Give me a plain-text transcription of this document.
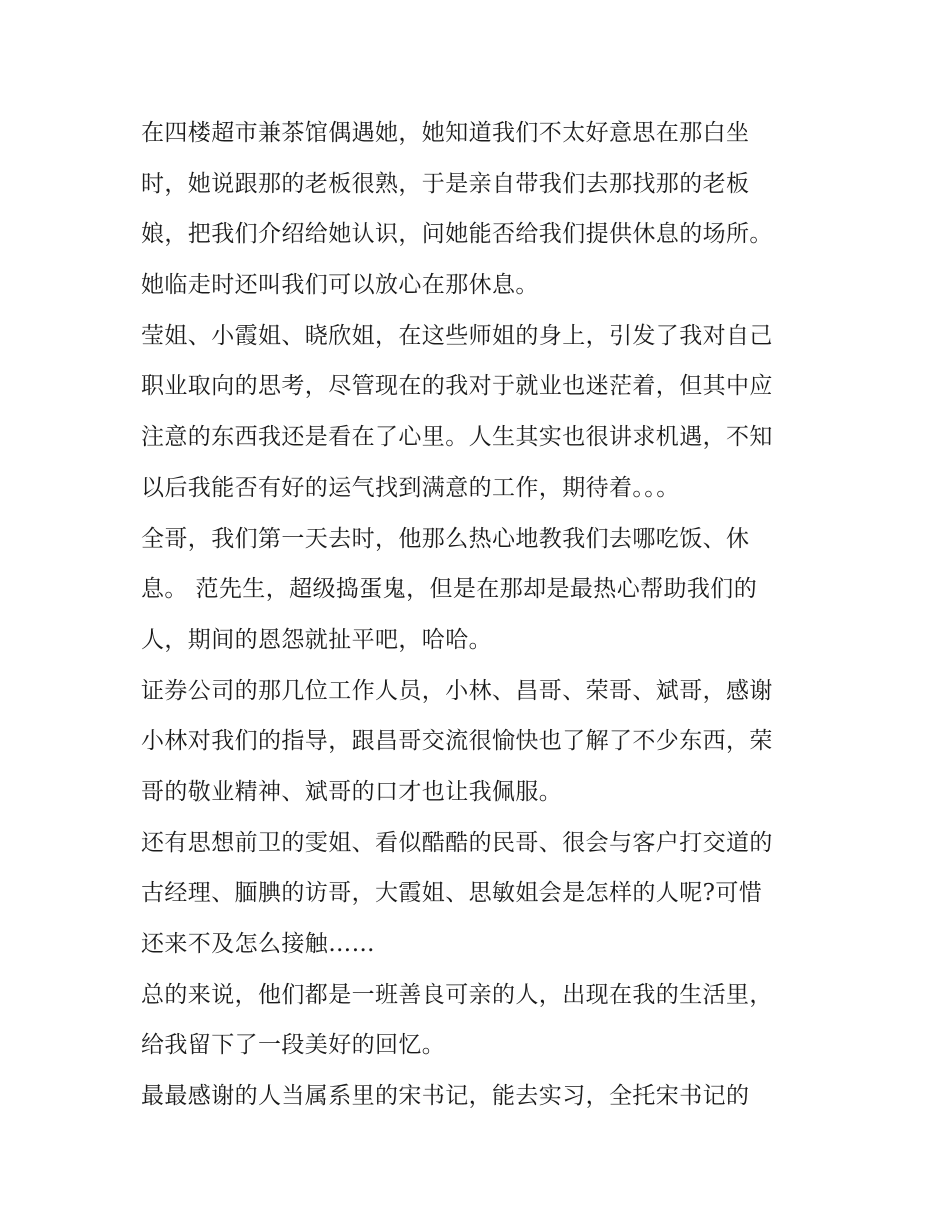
在四楼超市兼茶馆偶遇她，她知道我们不太好意思在那白坐
时，她说跟那的老板很熟，于是亲自带我们去那找那的老板
娘，把我们介绍给她认识，问她能否给我们提供休息的场所。
她临走时还叫我们可以放心在那休息。
莹姐、小霞姐、晓欣姐，在这些师姐的身上，引发了我对自己
职业取向的思考，尽管现在的我对于就业也迷茫着，但其中应
注意的东西我还是看在了心里。人生其实也很讲求机遇，不知
以后我能否有好的运气找到满意的工作，期待着。。。
全哥，我们第一天去时，他那么热心地教我们去哪吃饭、休
息。 范先生，超级捣蛋鬼，但是在那却是最热心帮助我们的
人，期间的恩怨就扯平吧，哈哈。
证券公司的那几位工作人员，小林、昌哥、荣哥、斌哥，感谢
小林对我们的指导，跟昌哥交流很愉快也了解了不少东西，荣
哥的敬业精神、斌哥的口才也让我佩服。
还有思想前卫的雯姐、看似酷酷的民哥、很会与客户打交道的
古经理、腼腆的访哥，大霞姐、思敏姐会是怎样的人呢?可惜
还来不及怎么接触……
总的来说，他们都是一班善良可亲的人，出现在我的生活里，
给我留下了一段美好的回忆。
最最感谢的人当属系里的宋书记，能去实习，全托宋书记的
